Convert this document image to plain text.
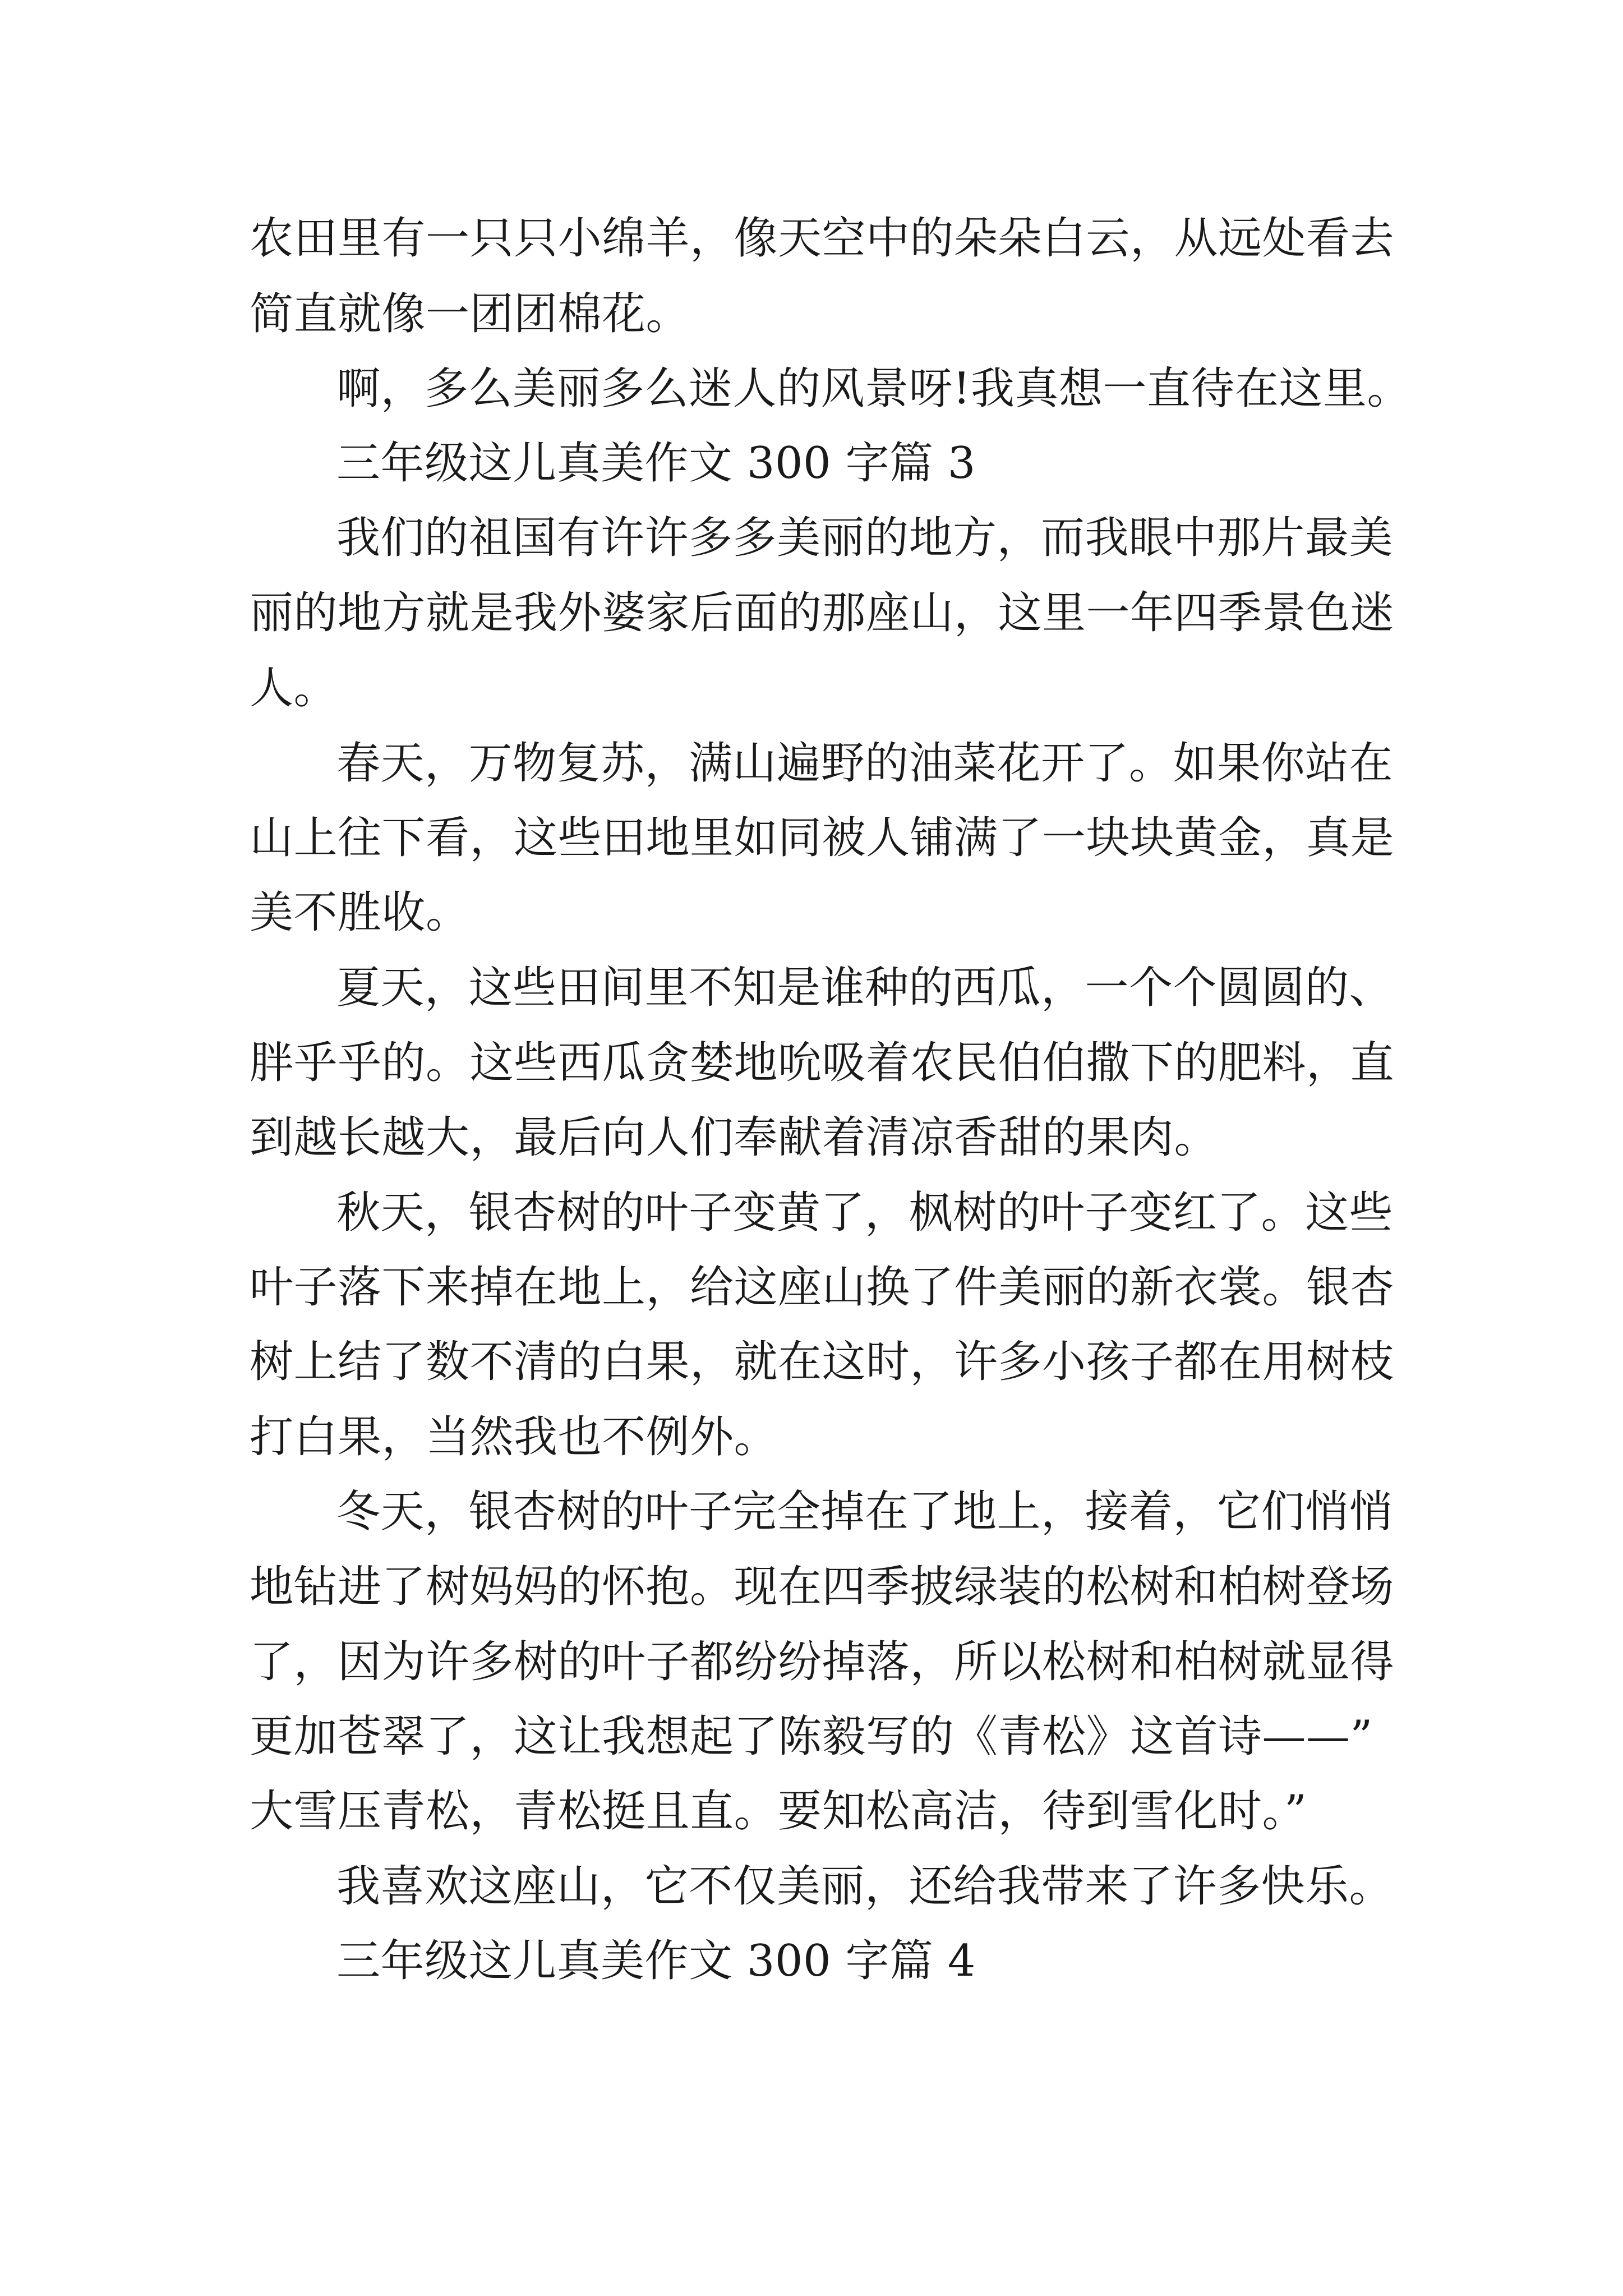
农田里有一只只小绵羊，像天空中的朵朵白云，从远处看去
简直就像一团团棉花。
啊，多么美丽多么迷人的风景呀!我真想一直待在这里。
三年级这儿真美作文 300 字篇 3
我们的祖国有许许多多美丽的地方，而我眼中那片最美
丽的地方就是我外婆家后面的那座山，这里一年四季景色迷
人。
春天，万物复苏，满山遍野的油菜花开了。如果你站在
山上往下看，这些田地里如同被人铺满了一块块黄金，真是
美不胜收。
夏天，这些田间里不知是谁种的西瓜，一个个圆圆的、
胖乎乎的。这些西瓜贪婪地吮吸着农民伯伯撒下的肥料，直
到越长越大，最后向人们奉献着清凉香甜的果肉。
秋天，银杏树的叶子变黄了，枫树的叶子变红了。这些
叶子落下来掉在地上，给这座山换了件美丽的新衣裳。银杏
树上结了数不清的白果，就在这时，许多小孩子都在用树枝
打白果，当然我也不例外。
冬天，银杏树的叶子完全掉在了地上，接着，它们悄悄
地钻进了树妈妈的怀抱。现在四季披绿装的松树和柏树登场
了，因为许多树的叶子都纷纷掉落，所以松树和柏树就显得
更加苍翠了，这让我想起了陈毅写的《青松》这首诗——”
大雪压青松，青松挺且直。要知松高洁，待到雪化时。”
我喜欢这座山，它不仅美丽，还给我带来了许多快乐。
三年级这儿真美作文 300 字篇 4
